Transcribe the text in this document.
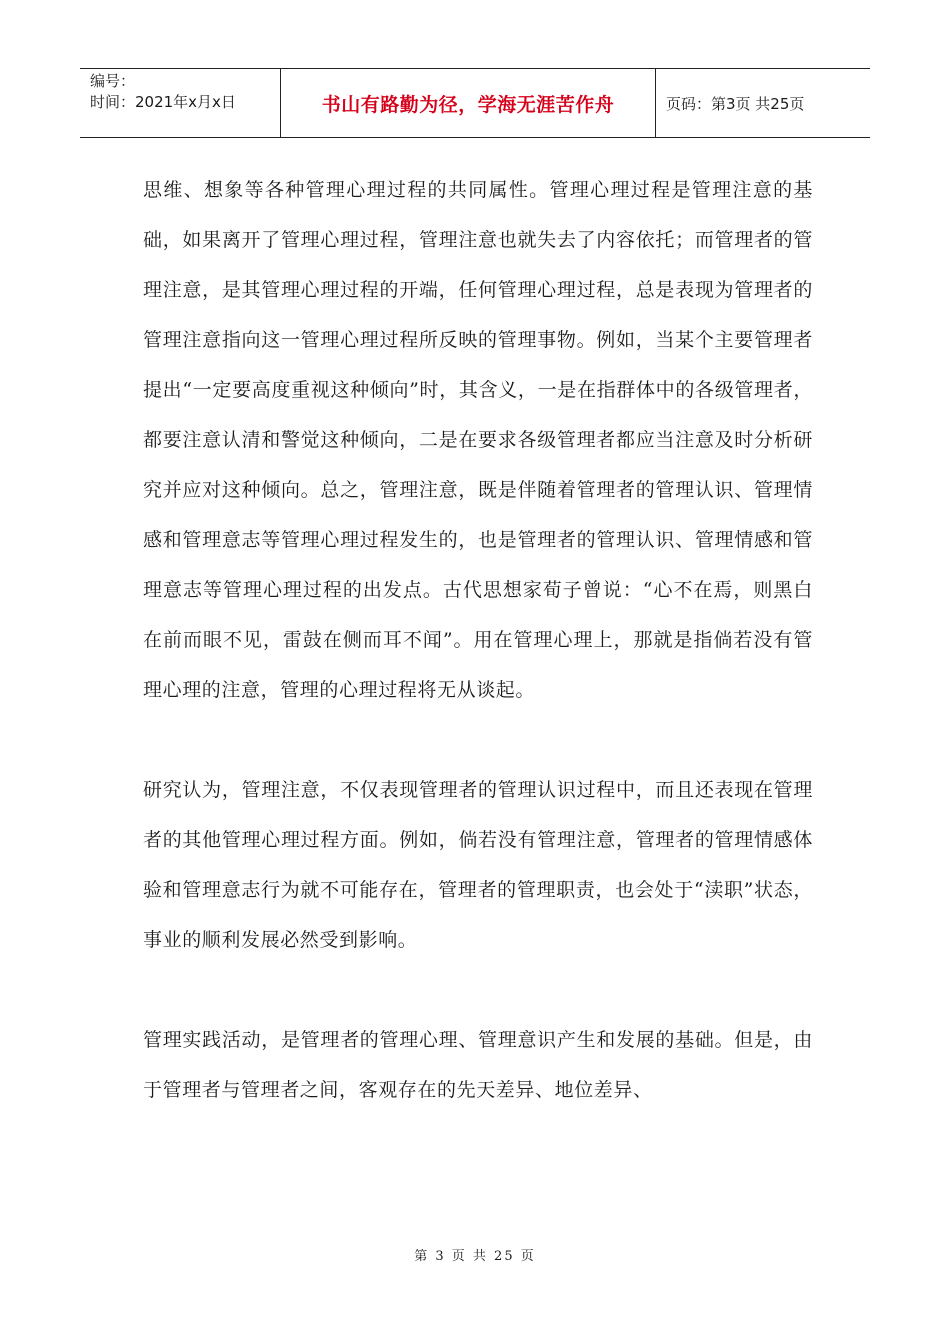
编号：
时间：2021年x月x日	书山有路勤为径，学海无涯苦作舟	页码：第3页 共25页

思维、想象等各种管理心理过程的共同属性。管理心理过程是管理注意的基础，如果离开了管理心理过程，管理注意也就失去了内容依托；而管理者的管理注意，是其管理心理过程的开端，任何管理心理过程，总是表现为管理者的管理注意指向这一管理心理过程所反映的管理事物。例如，当某个主要管理者提出“一定要高度重视这种倾向”时，其含义，一是在指群体中的各级管理者，都要注意认清和警觉这种倾向，二是在要求各级管理者都应当注意及时分析研究并应对这种倾向。总之，管理注意，既是伴随着管理者的管理认识、管理情感和管理意志等管理心理过程发生的，也是管理者的管理认识、管理情感和管理意志等管理心理过程的出发点。古代思想家荀子曾说：“心不在焉，则黑白在前而眼不见，雷鼓在侧而耳不闻”。用在管理心理上，那就是指倘若没有管理心理的注意，管理的心理过程将无从谈起。

研究认为，管理注意，不仅表现管理者的管理认识过程中，而且还表现在管理者的其他管理心理过程方面。例如，倘若没有管理注意，管理者的管理情感体验和管理意志行为就不可能存在，管理者的管理职责，也会处于“渎职”状态，事业的顺利发展必然受到影响。

管理实践活动，是管理者的管理心理、管理意识产生和发展的基础。但是，由于管理者与管理者之间，客观存在的先天差异、地位差异、

第 3 页 共 25 页
